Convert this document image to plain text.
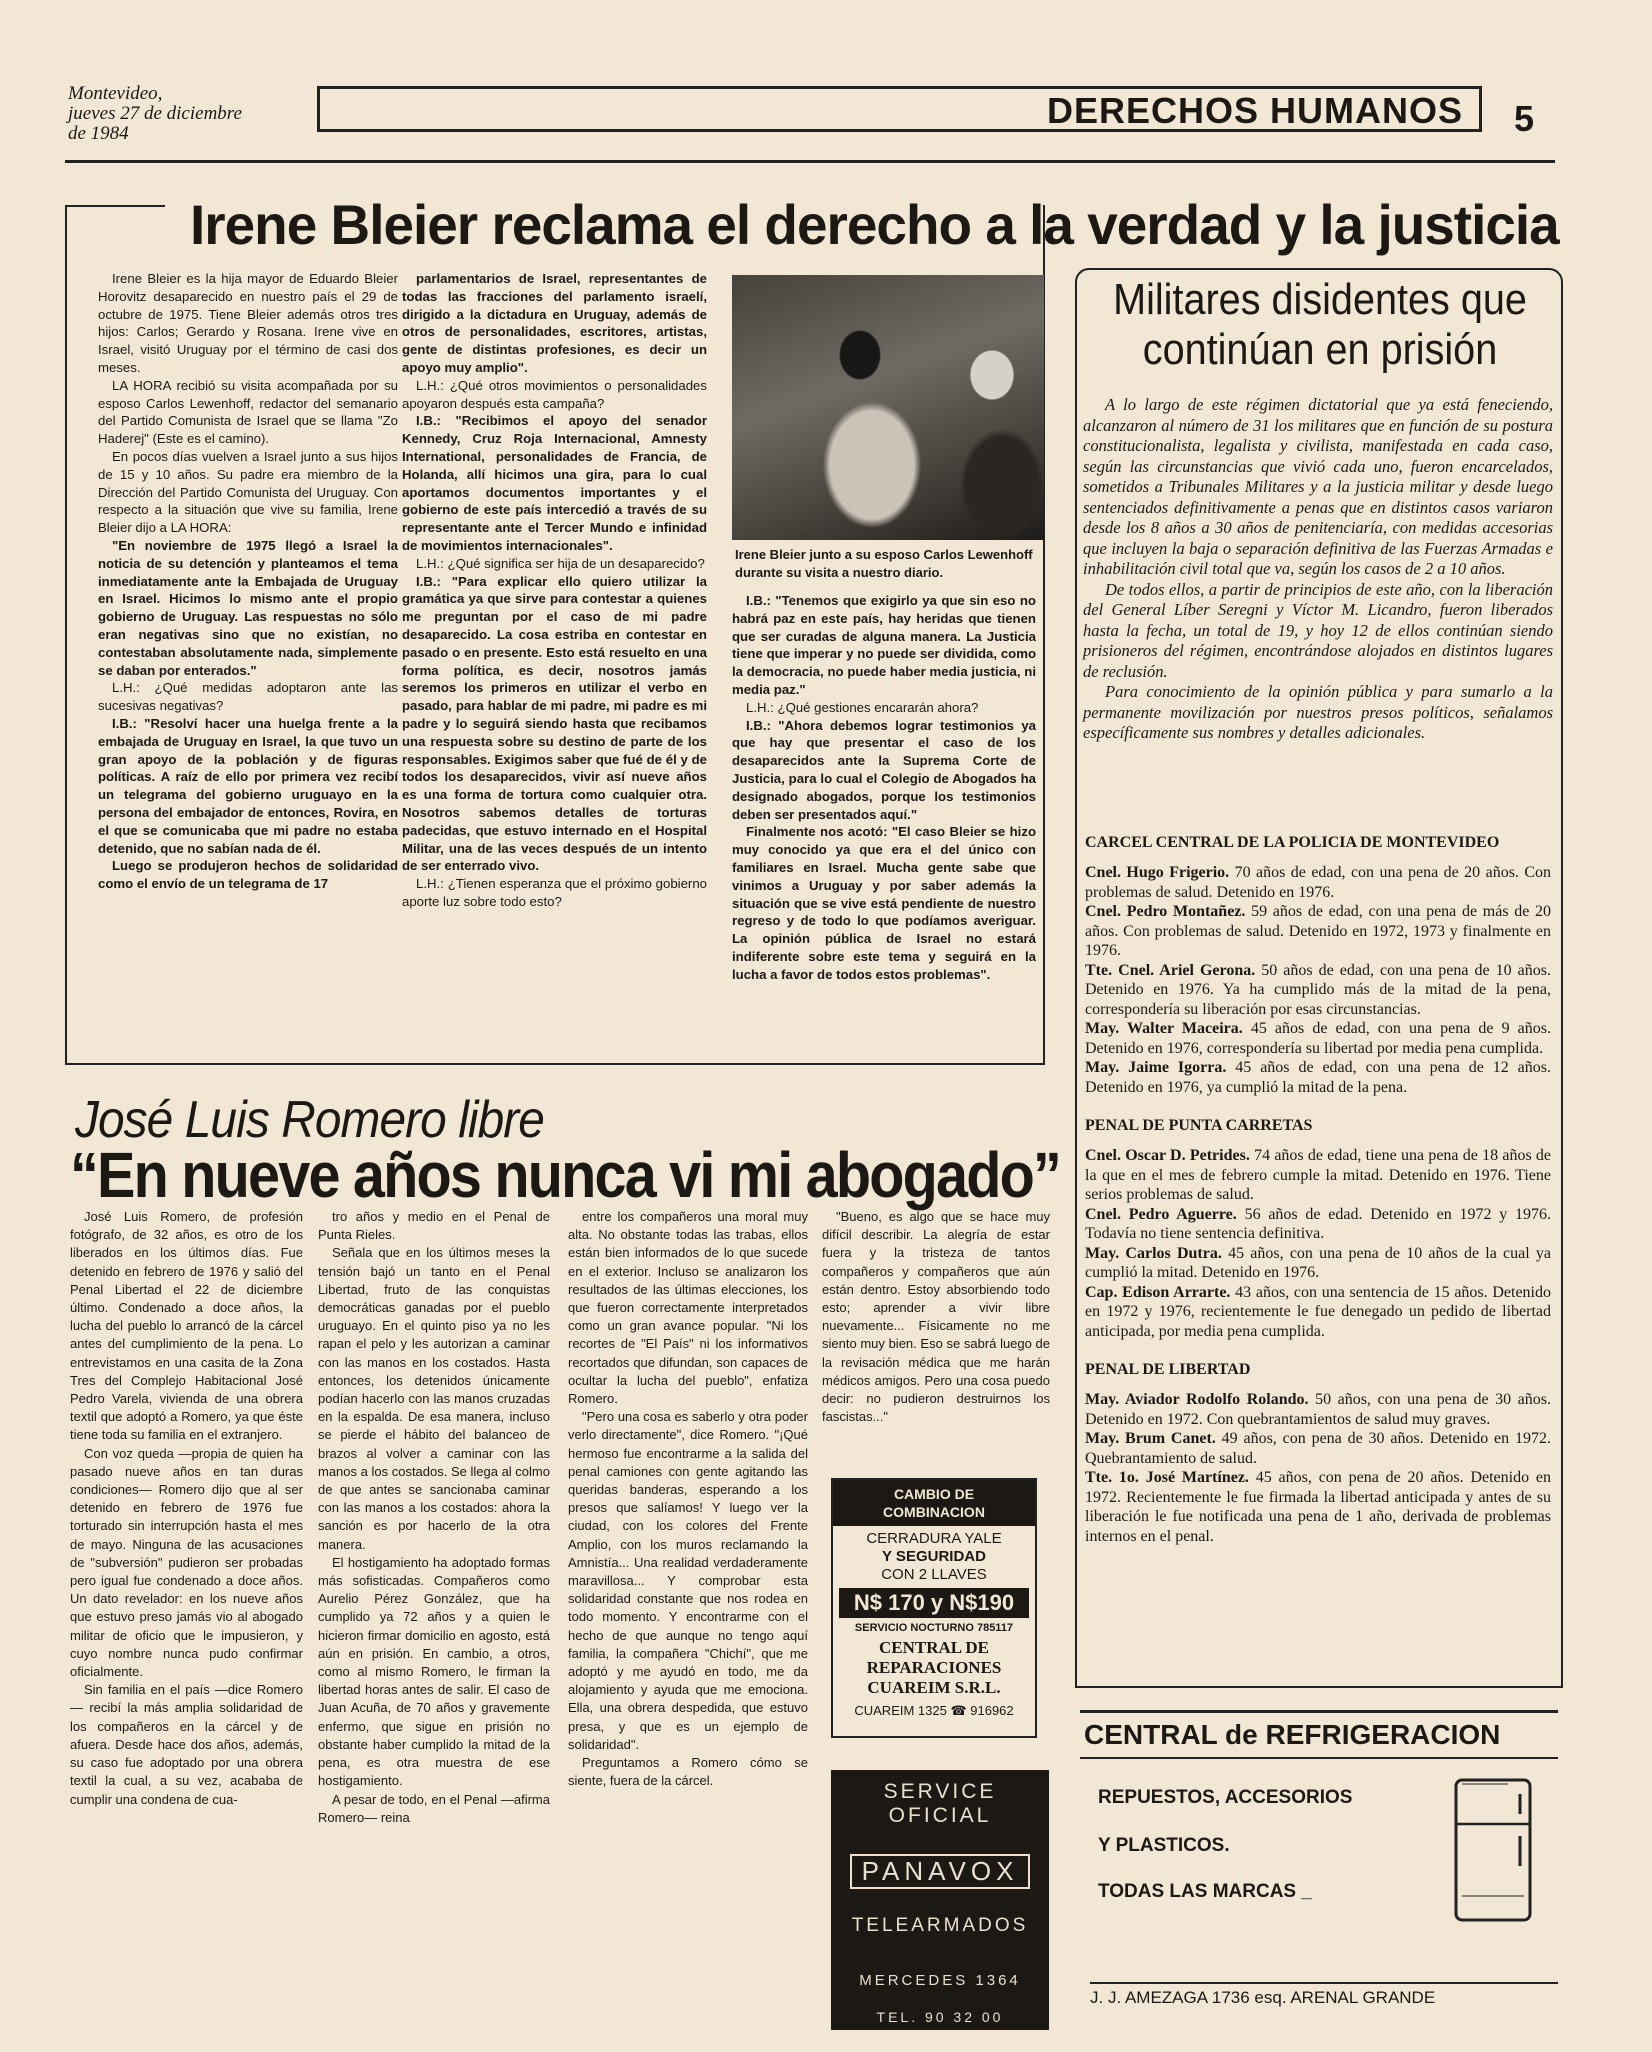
Montevideo,
jueves 27 de diciembre
de 1984
DERECHOS HUMANOS 5
Irene Bleier reclama el derecho a la verdad y la justicia

Irene Bleier es la hija mayor de Eduardo Bleier Horovitz desaparecido en nuestro país el 29 de octubre de 1975. Tiene Bleier además otros tres hijos: Carlos; Gerardo y Rosana. Irene vive en Israel, visitó Uruguay por el término de casi dos meses.

LA HORA recibió su visita acompañada por su esposo Carlos Lewenhoff, redactor del semanario del Partido Comunista de Israel que se llama "Zo Haderej" (Este es el camino).

En pocos días vuelven a Israel junto a sus hijos de 15 y 10 años. Su padre era miembro de la Dirección del Partido Comunista del Uruguay. Con respecto a la situación que vive su familia, Irene Bleier dijo a LA HORA:

"En noviembre de 1975 llegó a Israel la noticia de su detención y planteamos el tema inmediatamente ante la Embajada de Uruguay en Israel. Hicimos lo mismo ante el propio gobierno de Uruguay. Las respuestas no sólo eran negativas sino que no existían, no contestaban absolutamente nada, simplemente se daban por enterados."

L.H.: ¿Qué medidas adoptaron ante las sucesivas negativas?

I.B.: "Resolví hacer una huelga frente a la embajada de Uruguay en Israel, la que tuvo un gran apoyo de la población y de figuras políticas. A raíz de ello por primera vez recibí un telegrama del gobierno uruguayo en la persona del embajador de entonces, Rovira, en el que se comunicaba que mi padre no estaba detenido, que no sabían nada de él.

Luego se produjeron hechos de solidaridad como el envío de un telegrama de 17

parlamentarios de Israel, representantes de todas las fracciones del parlamento israelí, dirigido a la dictadura en Uruguay, además de otros de personalidades, escritores, artistas, gente de distintas profesiones, es decir un apoyo muy amplio".

L.H.: ¿Qué otros movimientos o personalidades apoyaron después esta campaña?

I.B.: "Recibimos el apoyo del senador Kennedy, Cruz Roja Internacional, Amnesty International, personalidades de Francia, de Holanda, allí hicimos una gira, para lo cual aportamos documentos importantes y el gobierno de este país intercedió a través de su representante ante el Tercer Mundo e infinidad de movimientos internacionales".

L.H.: ¿Qué significa ser hija de un desaparecido?

I.B.: "Para explicar ello quiero utilizar la gramática ya que sirve para contestar a quienes me preguntan por el caso de mi padre desaparecido. La cosa estriba en contestar en pasado o en presente. Esto está resuelto en una forma política, es decir, nosotros jamás seremos los primeros en utilizar el verbo en pasado, para hablar de mi padre, mi padre es mi padre y lo seguirá siendo hasta que recibamos una respuesta sobre su destino de parte de los responsables. Exigimos saber que fué de él y de todos los desaparecidos, vivir así nueve años es una forma de tortura como cualquier otra. Nosotros sabemos detalles de torturas padecidas, que estuvo internado en el Hospital Militar, una de las veces después de un intento de ser enterrado vivo.

L.H.: ¿Tienen esperanza que el próximo gobierno aporte luz sobre todo esto?

Irene Bleier junto a su esposo Carlos Lewenhoff durante su visita a nuestro diario.

I.B.: "Tenemos que exigirlo ya que sin eso no habrá paz en este país, hay heridas que tienen que ser curadas de alguna manera. La Justicia tiene que imperar y no puede ser dividida, como la democracia, no puede haber media justicia, ni media paz."

L.H.: ¿Qué gestiones encararán ahora?

I.B.: "Ahora debemos lograr testimonios ya que hay que presentar el caso de los desaparecidos ante la Suprema Corte de Justicia, para lo cual el Colegio de Abogados ha designado abogados, porque los testimonios deben ser presentados aquí."

Finalmente nos acotó: "El caso Bleier se hizo muy conocido ya que era el del único con familiares en Israel. Mucha gente sabe que vinimos a Uruguay y por saber además la situación que se vive está pendiente de nuestro regreso y de todo lo que podíamos averiguar. La opinión pública de Israel no estará indiferente sobre este tema y seguirá en la lucha a favor de todos estos problemas".

Militares disidentes que
continúan en prisión

A lo largo de este régimen dictatorial que ya está feneciendo, alcanzaron al número de 31 los militares que en función de su postura constitucionalista, legalista y civilista, manifestada en cada caso, según las circunstancias que vivió cada uno, fueron encarcelados, sometidos a Tribunales Militares y a la justicia militar y desde luego sentenciados definitivamente a penas que en distintos casos variaron desde los 8 años a 30 años de penitenciaría, con medidas accesorias que incluyen la baja o separación definitiva de las Fuerzas Armadas e inhabilitación civil total que va, según los casos de 2 a 10 años.

De todos ellos, a partir de principios de este año, con la liberación del General Líber Seregni y Víctor M. Licandro, fueron liberados hasta la fecha, un total de 19, y hoy 12 de ellos continúan siendo prisioneros del régimen, encontrándose alojados en distintos lugares de reclusión.

Para conocimiento de la opinión pública y para sumarlo a la permanente movilización por nuestros presos políticos, señalamos específicamente sus nombres y detalles adicionales.

CARCEL CENTRAL DE LA POLICIA DE MONTEVIDEO

Cnel. Hugo Frigerio. 70 años de edad, con una pena de 20 años. Con problemas de salud. Detenido en 1976.

Cnel. Pedro Montañez. 59 años de edad, con una pena de más de 20 años. Con problemas de salud. Detenido en 1972, 1973 y finalmente en 1976.

Tte. Cnel. Ariel Gerona. 50 años de edad, con una pena de 10 años. Detenido en 1976. Ya ha cumplido más de la mitad de la pena, correspondería su liberación por esas circunstancias.

May. Walter Maceira. 45 años de edad, con una pena de 9 años. Detenido en 1976, correspondería su libertad por media pena cumplida.

May. Jaime Igorra. 45 años de edad, con una pena de 12 años. Detenido en 1976, ya cumplió la mitad de la pena.

PENAL DE PUNTA CARRETAS

Cnel. Oscar D. Petrides. 74 años de edad, tiene una pena de 18 años de la que en el mes de febrero cumple la mitad. Detenido en 1976. Tiene serios problemas de salud.

Cnel. Pedro Aguerre. 56 años de edad. Detenido en 1972 y 1976. Todavía no tiene sentencia definitiva.

May. Carlos Dutra. 45 años, con una pena de 10 años de la cual ya cumplió la mitad. Detenido en 1976.

Cap. Edison Arrarte. 43 años, con una sentencia de 15 años. Detenido en 1972 y 1976, recientemente le fue denegado un pedido de libertad anticipada, por media pena cumplida.

PENAL DE LIBERTAD

May. Aviador Rodolfo Rolando. 50 años, con una pena de 30 años. Detenido en 1972. Con quebrantamientos de salud muy graves.

May. Brum Canet. 49 años, con pena de 30 años. Detenido en 1972. Quebrantamiento de salud.

Tte. 1o. José Martínez. 45 años, con pena de 20 años. Detenido en 1972. Recientemente le fue firmada la libertad anticipada y antes de su liberación le fue notificada una pena de 1 año, derivada de problemas internos en el penal.

José Luis Romero libre
“En nueve años nunca vi mi abogado”

José Luis Romero, de profesión fotógrafo, de 32 años, es otro de los liberados en los últimos días. Fue detenido en febrero de 1976 y salió del Penal Libertad el 22 de diciembre último. Condenado a doce años, la lucha del pueblo lo arrancó de la cárcel antes del cumplimiento de la pena. Lo entrevistamos en una casita de la Zona Tres del Complejo Habitacional José Pedro Varela, vivienda de una obrera textil que adoptó a Romero, ya que éste tiene toda su familia en el extranjero.

Con voz queda —propia de quien ha pasado nueve años en tan duras condiciones— Romero dijo que al ser detenido en febrero de 1976 fue torturado sin interrupción hasta el mes de mayo. Ninguna de las acusaciones de "subversión" pudieron ser probadas pero igual fue condenado a doce años. Un dato revelador: en los nueve años que estuvo preso jamás vio al abogado militar de oficio que le impusieron, y cuyo nombre nunca pudo confirmar oficialmente.

Sin familia en el país —dice Romero— recibí la más amplia solidaridad de los compañeros en la cárcel y de afuera. Desde hace dos años, además, su caso fue adoptado por una obrera textil la cual, a su vez, acababa de cumplir una condena de cua-

tro años y medio en el Penal de Punta Rieles.

Señala que en los últimos meses la tensión bajó un tanto en el Penal Libertad, fruto de las conquistas democráticas ganadas por el pueblo uruguayo. En el quinto piso ya no les rapan el pelo y les autorizan a caminar con las manos en los costados. Hasta entonces, los detenidos únicamente podían hacerlo con las manos cruzadas en la espalda. De esa manera, incluso se pierde el hábito del balanceo de brazos al volver a caminar con las manos a los costados. Se llega al colmo de que antes se sancionaba caminar con las manos a los costados: ahora la sanción es por hacerlo de la otra manera.

El hostigamiento ha adoptado formas más sofisticadas. Compañeros como Aurelio Pérez González, que ha cumplido ya 72 años y a quien le hicieron firmar domicilio en agosto, está aún en prisión. En cambio, a otros, como al mismo Romero, le firman la libertad horas antes de salir. El caso de Juan Acuña, de 70 años y gravemente enfermo, que sigue en prisión no obstante haber cumplido la mitad de la pena, es otra muestra de ese hostigamiento.

A pesar de todo, en el Penal —afirma Romero— reina

entre los compañeros una moral muy alta. No obstante todas las trabas, ellos están bien informados de lo que sucede en el exterior. Incluso se analizaron los resultados de las últimas elecciones, los que fueron correctamente interpretados como un gran avance popular. "Ni los recortes de "El País" ni los informativos recortados que difundan, son capaces de ocultar la lucha del pueblo", enfatiza Romero.

"Pero una cosa es saberlo y otra poder verlo directamente", dice Romero. "¡Qué hermoso fue encontrarme a la salida del penal camiones con gente agitando las queridas banderas, esperando a los presos que salíamos! Y luego ver la ciudad, con los colores del Frente Amplio, con los muros reclamando la Amnistía... Una realidad verdaderamente maravillosa... Y comprobar esta solidaridad constante que nos rodea en todo momento. Y encontrarme con el hecho de que aunque no tengo aquí familia, la compañera "Chichí", que me adoptó y me ayudó en todo, me da alojamiento y ayuda que me emociona. Ella, una obrera despedida, que estuvo presa, y que es un ejemplo de solidaridad".

Preguntamos a Romero cómo se siente, fuera de la cárcel.

"Bueno, es algo que se hace muy difícil describir. La alegría de estar fuera y la tristeza de tantos compañeros y compañeros que aún están dentro. Estoy absorbiendo todo esto; aprender a vivir libre nuevamente... Físicamente no me siento muy bien. Eso se sabrá luego de la revisación médica que me harán médicos amigos. Pero una cosa puedo decir: no pudieron destruirnos los fascistas..."

CAMBIO DE
COMBINACION
CERRADURA YALE
Y SEGURIDAD
CON 2 LLAVES
N$ 170 y N$190
SERVICIO NOCTURNO 785117
CENTRAL DE
REPARACIONES
CUAREIM S.R.L.
CUAREIM 1325 ☎ 916962
SERVICE OFICIAL
PANAVOX
TELEARMADOS
MERCEDES 1364
TEL. 90 32 00
CENTRAL de REFRIGERACION
REPUESTOS, ACCESORIOS
Y PLASTICOS.
TODAS LAS MARCAS _
J. J. AMEZAGA 1736 esq. ARENAL GRANDE
